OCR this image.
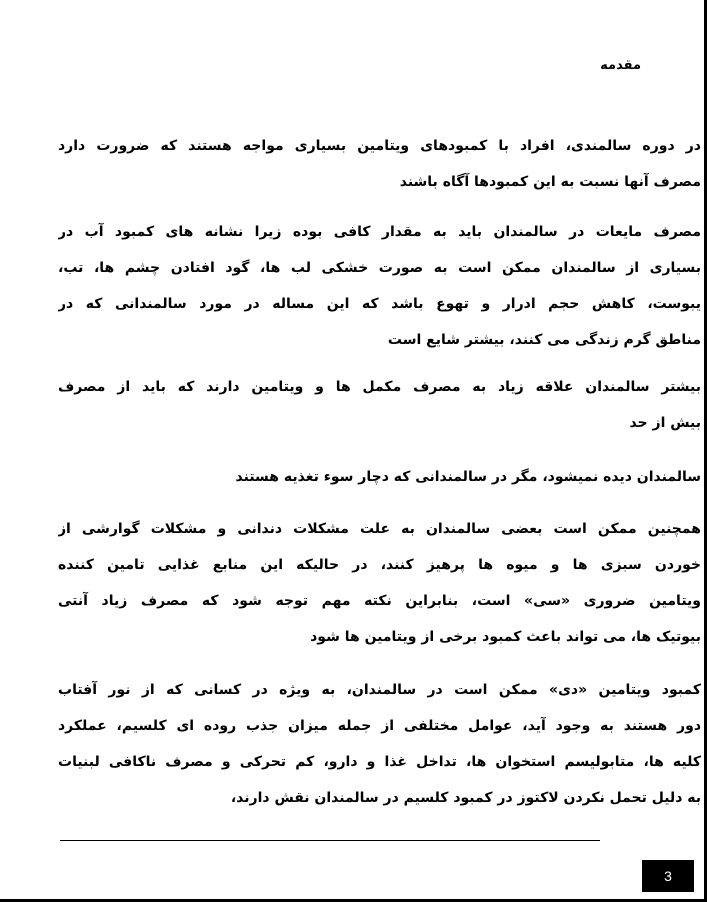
مقدمه
در دوره سالمندی، افراد با کمبودهای ویتامین بسیاری مواجه هستند که ضرورت دارد
مصرف آنها نسبت به این کمبودها آگاه باشند
مصرف مایعات در سالمندان باید به مقدار کافی بوده زیرا نشانه های کمبود آب در
بسیاری از سالمندان ممکن است به صورت خشکی لب ها، گود افتادن چشم ها، تب،
یبوست، کاهش حجم ادرار و تهوع باشد که این مساله در مورد سالمندانی که در
مناطق گرم زندگی می کنند، بیشتر شایع است
بیشتر سالمندان علاقه زیاد به مصرف مکمل ها و ویتامین دارند که باید از مصرف
بیش از حد
سالمندان دیده نمیشود، مگر در سالمندانی که دچار سوء تغذیه هستند
همچنین ممکن است بعضی سالمندان به علت مشکلات دندانی و مشکلات گوارشی از
خوردن سبزی ها و میوه ها پرهیز کنند، در حالیکه این منابع غذایی تامین کننده
ویتامین ضروری «سی» است، بنابراین نکته مهم توجه شود که مصرف زیاد آنتی
بیوتیک ها، می تواند باعث کمبود برخی از ویتامین ها شود
کمبود ویتامین «دی» ممکن است در سالمندان، به ویژه در کسانی که از نور آفتاب
دور هستند به وجود آید، عوامل مختلفی از جمله میزان جذب روده ای کلسیم، عملکرد
کلیه ها، متابولیسم استخوان ها، تداخل غذا و دارو، کم تحرکی و مصرف ناکافی لبنیات
به دلیل تحمل نکردن لاکتوز در کمبود کلسیم در سالمندان نقش دارند،
3
